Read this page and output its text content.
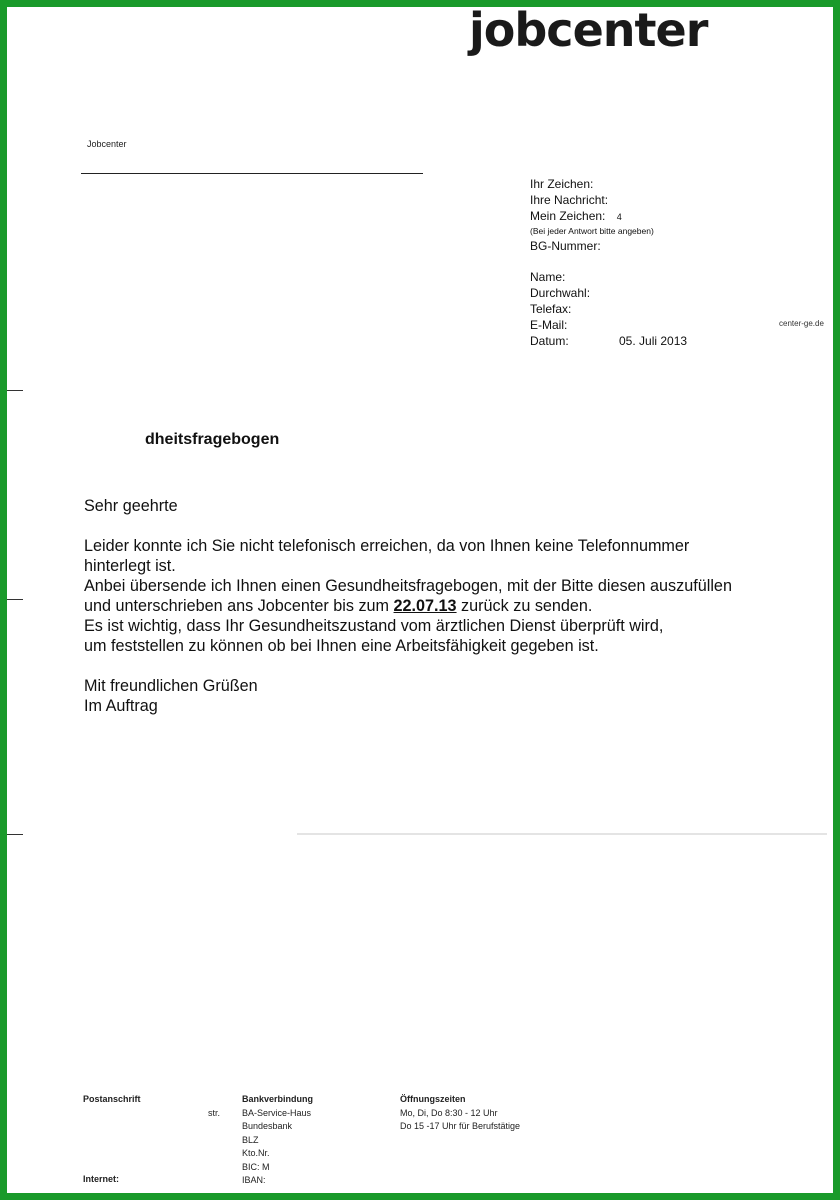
jobcenter
Jobcenter
Ihr Zeichen:
Ihre Nachricht:
Mein Zeichen: 4
(Bei jeder Antwort bitte angeben)
BG-Nummer:
Name:
Durchwahl:
Telefax:
E-Mail:
Datum:	05. Juli 2013
center-ge.de
dheitsfragebogen

Sehr geehrte

Leider konnte ich Sie nicht telefonisch erreichen, da von Ihnen keine Telefonnummer

hinterlegt ist.

Anbei übersende ich Ihnen einen Gesundheitsfragebogen, mit der Bitte diesen auszufüllen

und unterschrieben ans Jobcenter bis zum 22.07.13 zurück zu senden.

Es ist wichtig, dass Ihr Gesundheitszustand vom ärztlichen Dienst überprüft wird,

um feststellen zu können ob bei Ihnen eine Arbeitsfähigkeit gegeben ist.

Mit freundlichen Grüßen

Im Auftrag

Postanschrift
str.
Internet:
Bankverbindung
BA-Service-Haus
Bundesbank
BLZ
Kto.Nr.
BIC: M
IBAN:
Öffnungszeiten
Mo, Di, Do 8:30 - 12 Uhr
Do 15 -17 Uhr für Berufstätige
